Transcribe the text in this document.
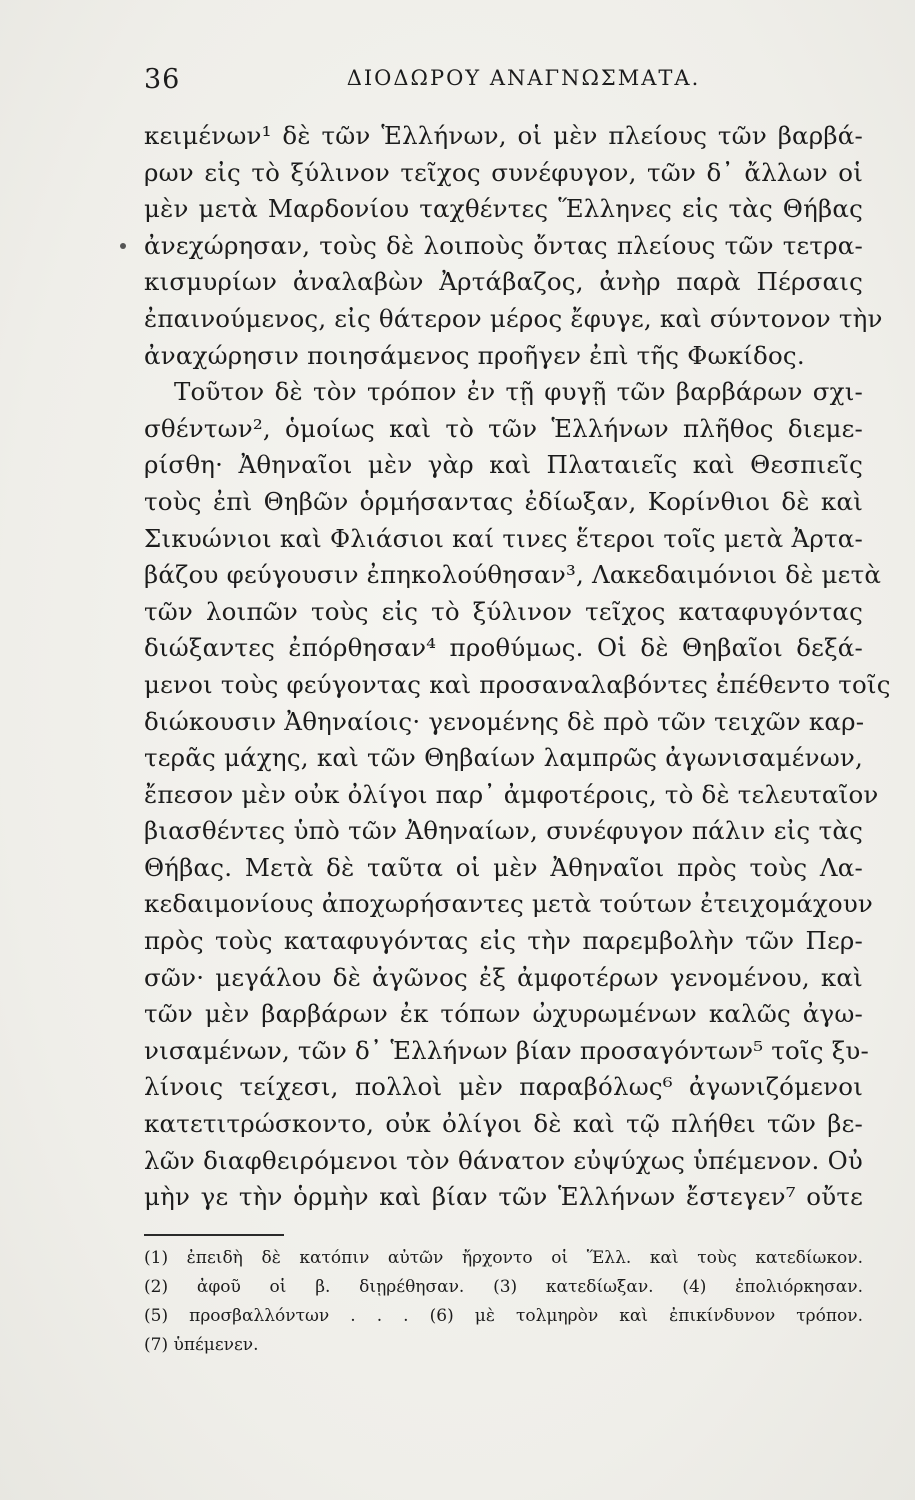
36	ΔΙΟΔΩΡΟΥ ΑΝΑΓΝΩΣΜΑΤΑ.
κειμένων¹ δὲ τῶν Ἑλλήνων, οἱ μὲν πλείους τῶν βαρβά-
ρων εἰς τὸ ξύλινον τεῖχος συνέφυγον, τῶν δ᾽ ἄλλων οἱ
μὲν μετὰ Μαρδονίου ταχθέντες Ἕλληνες εἰς τὰς Θήβας
ἀνεχώρησαν, τοὺς δὲ λοιποὺς ὄντας πλείους τῶν τετρα-
κισμυρίων ἀναλαβὼν Ἀρτάβαζος, ἀνὴρ παρὰ Πέρσαις
ἐπαινούμενος, εἰς θάτερον μέρος ἔφυγε, καὶ σύντονον τὴν
ἀναχώρησιν ποιησάμενος προῆγεν ἐπὶ τῆς Φωκίδος.
Τοῦτον δὲ τὸν τρόπον ἐν τῇ φυγῇ τῶν βαρβάρων σχι-
σθέντων², ὁμοίως καὶ τὸ τῶν Ἑλλήνων πλῆθος διεμε-
ρίσθη· Ἀθηναῖοι μὲν γὰρ καὶ Πλαταιεῖς καὶ Θεσπιεῖς
τοὺς ἐπὶ Θηβῶν ὁρμήσαντας ἐδίωξαν, Κορίνθιοι δὲ καὶ
Σικυώνιοι καὶ Φλιάσιοι καί τινες ἕτεροι τοῖς μετὰ Ἀρτα-
βάζου φεύγουσιν ἐπηκολούθησαν³, Λακεδαιμόνιοι δὲ μετὰ
τῶν λοιπῶν τοὺς εἰς τὸ ξύλινον τεῖχος καταφυγόντας
διώξαντες ἐπόρθησαν⁴ προθύμως. Οἱ δὲ Θηβαῖοι δεξά-
μενοι τοὺς φεύγοντας καὶ προσαναλαβόντες ἐπέθεντο τοῖς
διώκουσιν Ἀθηναίοις· γενομένης δὲ πρὸ τῶν τειχῶν καρ-
τερᾶς μάχης, καὶ τῶν Θηβαίων λαμπρῶς ἀγωνισαμένων,
ἔπεσον μὲν οὐκ ὀλίγοι παρ᾽ ἀμφοτέροις, τὸ δὲ τελευταῖον
βιασθέντες ὑπὸ τῶν Ἀθηναίων, συνέφυγον πάλιν εἰς τὰς
Θήβας. Μετὰ δὲ ταῦτα οἱ μὲν Ἀθηναῖοι πρὸς τοὺς Λα-
κεδαιμονίους ἀποχωρήσαντες μετὰ τούτων ἐτειχομάχουν
πρὸς τοὺς καταφυγόντας εἰς τὴν παρεμβολὴν τῶν Περ-
σῶν· μεγάλου δὲ ἀγῶνος ἐξ ἀμφοτέρων γενομένου, καὶ
τῶν μὲν βαρβάρων ἐκ τόπων ὠχυρωμένων καλῶς ἀγω-
νισαμένων, τῶν δ᾽ Ἑλλήνων βίαν προσαγόντων⁵ τοῖς ξυ-
λίνοις τείχεσι, πολλοὶ μὲν παραβόλως⁶ ἀγωνιζόμενοι
κατετιτρώσκοντο, οὐκ ὀλίγοι δὲ καὶ τῷ πλήθει τῶν βε-
λῶν διαφθειρόμενοι τὸν θάνατον εὐψύχως ὑπέμενον. Οὐ
μὴν γε τὴν ὁρμὴν καὶ βίαν τῶν Ἑλλήνων ἔστεγεν⁷ οὔτε
(1) ἐπειδὴ δὲ κατόπιν αὐτῶν ἤρχοντο οἱ Ἕλλ. καὶ τοὺς κατεδίωκον.
(2) ἀφοῦ οἱ β. διῃρέθησαν. (3) κατεδίωξαν. (4) ἐπολιόρκησαν.
(5) προσβαλλόντων . . . (6) μὲ τολμηρὸν καὶ ἐπικίνδυνον τρόπον.
(7) ὑπέμενεν.
